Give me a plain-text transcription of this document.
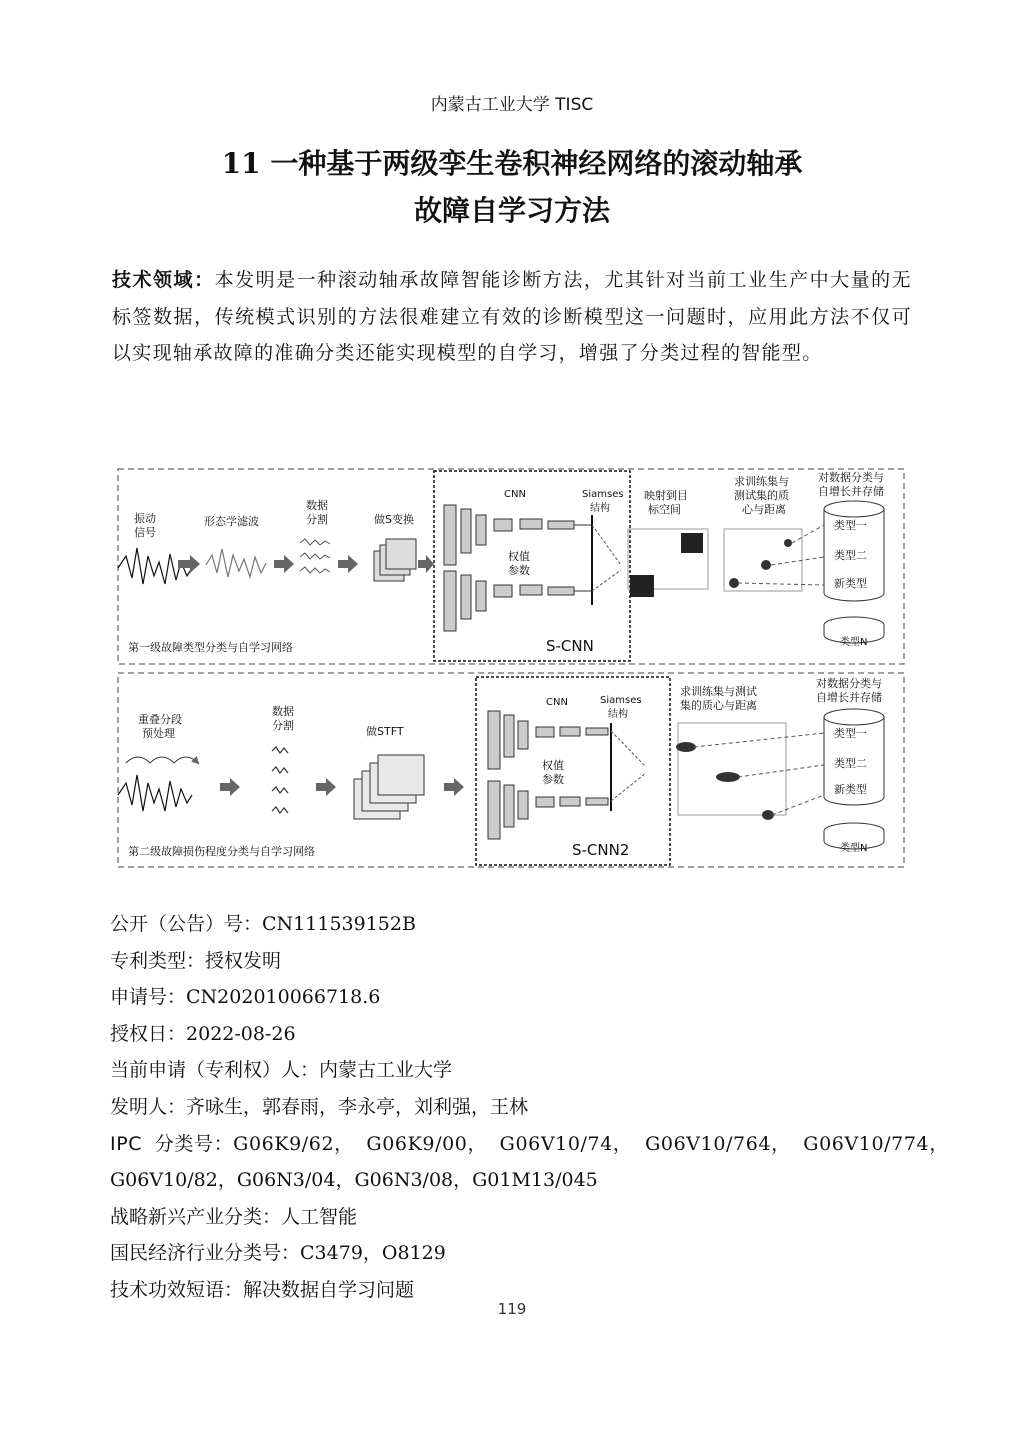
内蒙古工业大学 TISC
11 一种基于两级孪生卷积神经网络的滚动轴承
故障自学习方法
技术领域：本发明是一种滚动轴承故障智能诊断方法，尤其针对当前工业生产中大量的无标签数据，传统模式识别的方法很难建立有效的诊断模型这一问题时，应用此方法不仅可以实现轴承故障的准确分类还能实现模型的自学习，增强了分类过程的智能型。
振动
信号
形态学滤波
数据
分割	做S变换
CNN	Siamses
结构
权值
参数
S-CNN
第一级故障类型分类与自学习网络
映射到目
标空间
求训练集与
测试集的质
心与距离
对数据分类与
自增长并存储
类型一
类型二
新类型
类型N
重叠分段
预处理
数据
分割	做STFT
CNN	Siamses
结构
权值
参数
S-CNN2
第二级故障损伤程度分类与自学习网络
求训练集与测试
集的质心与距离
对数据分类与
自增长并存储
类型一
类型二
新类型
类型N
公开（公告）号：CN111539152B
专利类型：授权发明
申请号：CN202010066718.6
授权日：2022-08-26
当前申请（专利权）人：内蒙古工业大学
发明人：齐咏生，郭春雨，李永亭，刘利强，王林
IPC 分类号：G06K9/62， G06K9/00， G06V10/74， G06V10/764， G06V10/774，
G06V10/82，G06N3/04，G06N3/08，G01M13/045
战略新兴产业分类：人工智能
国民经济行业分类号：C3479，O8129
技术功效短语：解决数据自学习问题
119
